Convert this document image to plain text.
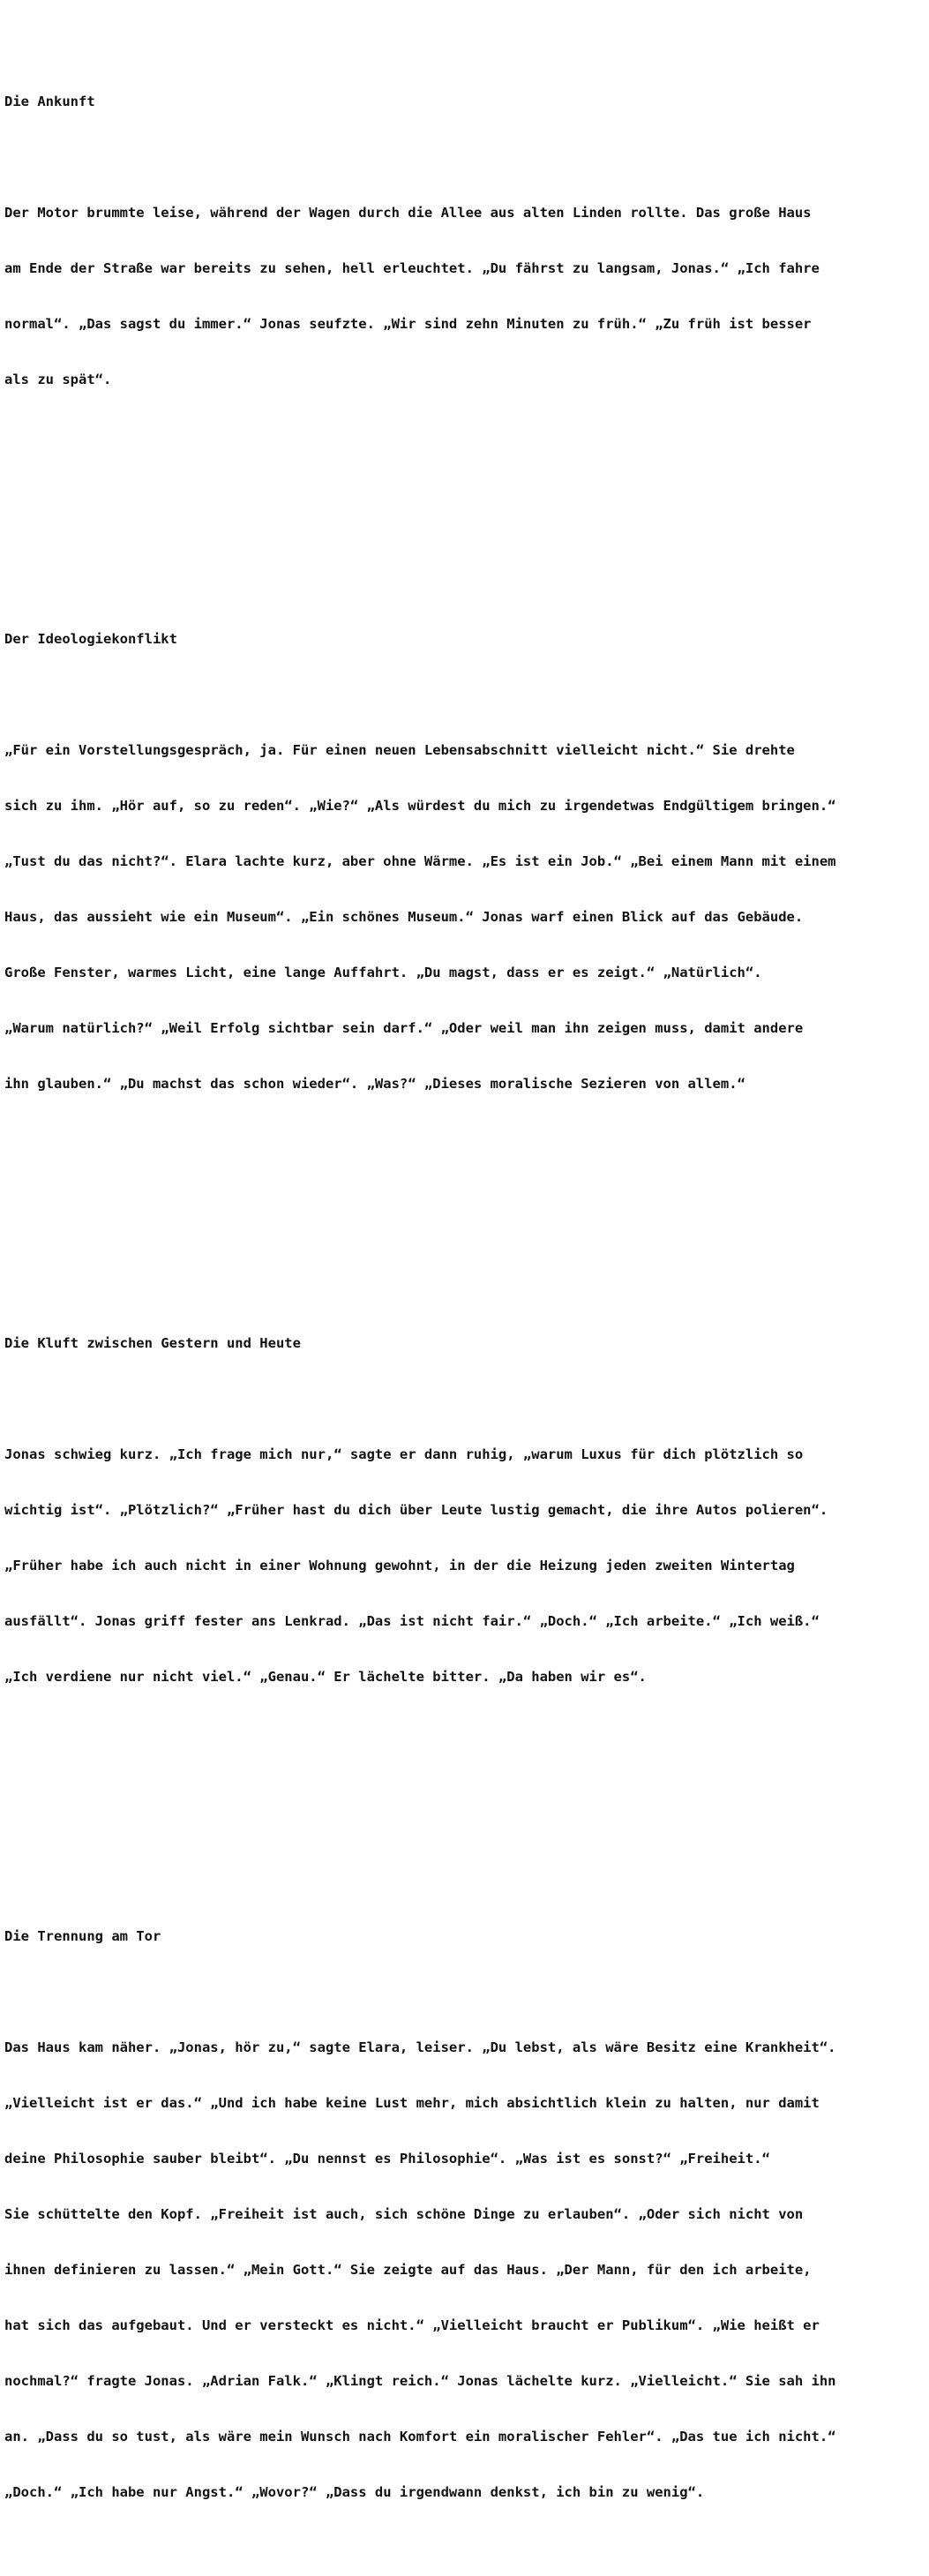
Die Ankunft

Der Motor brummte leise, während der Wagen durch die Allee aus alten Linden rollte. Das große Haus

am Ende der Straße war bereits zu sehen, hell erleuchtet. „Du fährst zu langsam, Jonas.“ „Ich fahre

normal“. „Das sagst du immer.“ Jonas seufzte. „Wir sind zehn Minuten zu früh.“ „Zu früh ist besser

als zu spät“.

Der Ideologiekonflikt

„Für ein Vorstellungsgespräch, ja. Für einen neuen Lebensabschnitt vielleicht nicht.“ Sie drehte

sich zu ihm. „Hör auf, so zu reden“. „Wie?“ „Als würdest du mich zu irgendetwas Endgültigem bringen.“

„Tust du das nicht?“. Elara lachte kurz, aber ohne Wärme. „Es ist ein Job.“ „Bei einem Mann mit einem

Haus, das aussieht wie ein Museum“. „Ein schönes Museum.“ Jonas warf einen Blick auf das Gebäude.

Große Fenster, warmes Licht, eine lange Auffahrt. „Du magst, dass er es zeigt.“ „Natürlich“.

„Warum natürlich?“ „Weil Erfolg sichtbar sein darf.“ „Oder weil man ihn zeigen muss, damit andere

ihn glauben.“ „Du machst das schon wieder“. „Was?“ „Dieses moralische Sezieren von allem.“

Die Kluft zwischen Gestern und Heute

Jonas schwieg kurz. „Ich frage mich nur,“ sagte er dann ruhig, „warum Luxus für dich plötzlich so

wichtig ist“. „Plötzlich?“ „Früher hast du dich über Leute lustig gemacht, die ihre Autos polieren“.

„Früher habe ich auch nicht in einer Wohnung gewohnt, in der die Heizung jeden zweiten Wintertag

ausfällt“. Jonas griff fester ans Lenkrad. „Das ist nicht fair.“ „Doch.“ „Ich arbeite.“ „Ich weiß.“

„Ich verdiene nur nicht viel.“ „Genau.“ Er lächelte bitter. „Da haben wir es“.

Die Trennung am Tor

Das Haus kam näher. „Jonas, hör zu,“ sagte Elara, leiser. „Du lebst, als wäre Besitz eine Krankheit“.

„Vielleicht ist er das.“ „Und ich habe keine Lust mehr, mich absichtlich klein zu halten, nur damit

deine Philosophie sauber bleibt“. „Du nennst es Philosophie“. „Was ist es sonst?“ „Freiheit.“

Sie schüttelte den Kopf. „Freiheit ist auch, sich schöne Dinge zu erlauben“. „Oder sich nicht von

ihnen definieren zu lassen.“ „Mein Gott.“ Sie zeigte auf das Haus. „Der Mann, für den ich arbeite,

hat sich das aufgebaut. Und er versteckt es nicht.“ „Vielleicht braucht er Publikum“. „Wie heißt er

nochmal?“ fragte Jonas. „Adrian Falk.“ „Klingt reich.“ Jonas lächelte kurz. „Vielleicht.“ Sie sah ihn

an. „Dass du so tust, als wäre mein Wunsch nach Komfort ein moralischer Fehler“. „Das tue ich nicht.“

„Doch.“ „Ich habe nur Angst.“ „Wovor?“ „Dass du irgendwann denkst, ich bin zu wenig“.
